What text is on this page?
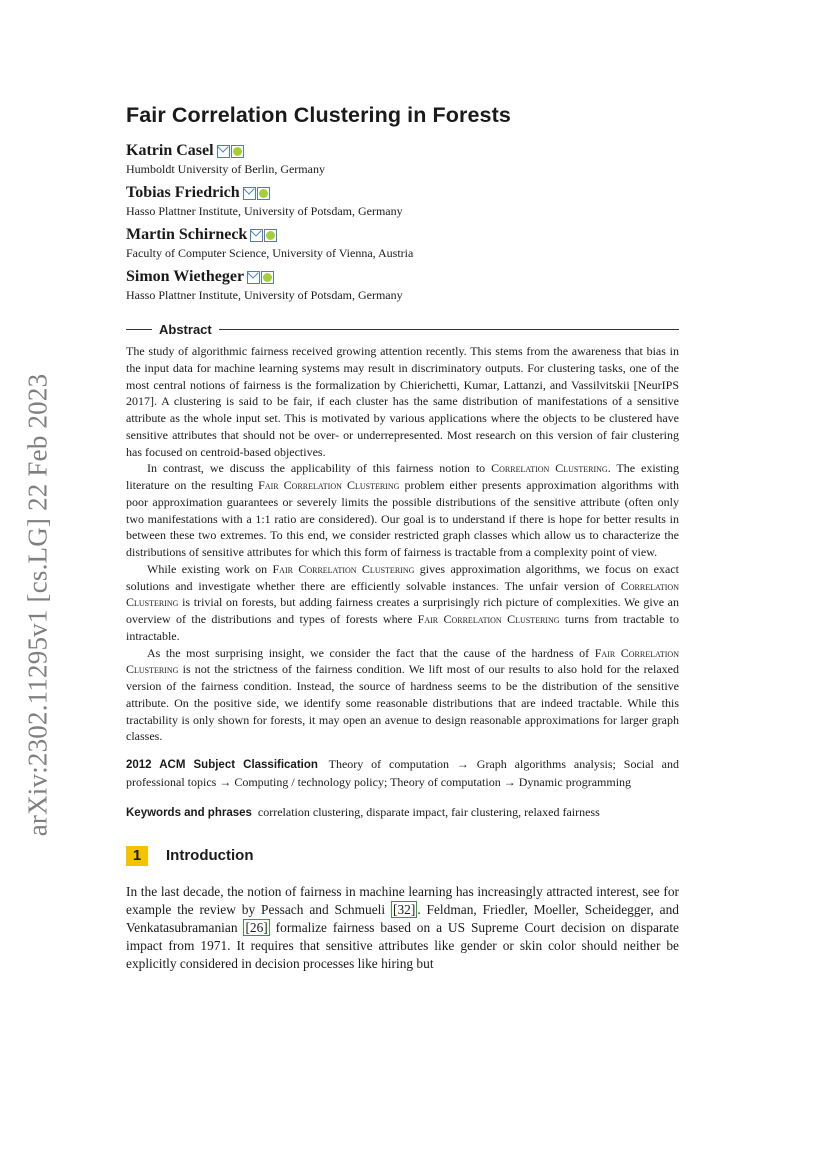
arXiv:2302.11295v1 [cs.LG] 22 Feb 2023
Fair Correlation Clustering in Forests
Katrin Casel
Humboldt University of Berlin, Germany
Tobias Friedrich
Hasso Plattner Institute, University of Potsdam, Germany
Martin Schirneck
Faculty of Computer Science, University of Vienna, Austria
Simon Wietheger
Hasso Plattner Institute, University of Potsdam, Germany
Abstract

The study of algorithmic fairness received growing attention recently. This stems from the awareness that bias in the input data for machine learning systems may result in discriminatory outputs. For clustering tasks, one of the most central notions of fairness is the formalization by Chierichetti, Kumar, Lattanzi, and Vassilvitskii [NeurIPS 2017]. A clustering is said to be fair, if each cluster has the same distribution of manifestations of a sensitive attribute as the whole input set. This is motivated by various applications where the objects to be clustered have sensitive attributes that should not be over- or underrepresented. Most research on this version of fair clustering has focused on centroid-based objectives.

In contrast, we discuss the applicability of this fairness notion to Correlation Clustering. The existing literature on the resulting Fair Correlation Clustering problem either presents approximation algorithms with poor approximation guarantees or severely limits the possible distributions of the sensitive attribute (often only two manifestations with a 1:1 ratio are considered). Our goal is to understand if there is hope for better results in between these two extremes. To this end, we consider restricted graph classes which allow us to characterize the distributions of sensitive attributes for which this form of fairness is tractable from a complexity point of view.

While existing work on Fair Correlation Clustering gives approximation algorithms, we focus on exact solutions and investigate whether there are efficiently solvable instances. The unfair version of Correlation Clustering is trivial on forests, but adding fairness creates a surprisingly rich picture of complexities. We give an overview of the distributions and types of forests where Fair Correlation Clustering turns from tractable to intractable.

As the most surprising insight, we consider the fact that the cause of the hardness of Fair Correlation Clustering is not the strictness of the fairness condition. We lift most of our results to also hold for the relaxed version of the fairness condition. Instead, the source of hardness seems to be the distribution of the sensitive attribute. On the positive side, we identify some reasonable distributions that are indeed tractable. While this tractability is only shown for forests, it may open an avenue to design reasonable approximations for larger graph classes.

2012 ACM Subject Classification Theory of computation → Graph algorithms analysis; Social and professional topics → Computing / technology policy; Theory of computation → Dynamic programming
Keywords and phrases correlation clustering, disparate impact, fair clustering, relaxed fairness
1	Introduction

In the last decade, the notion of fairness in machine learning has increasingly attracted interest, see for example the review by Pessach and Schmueli [32] . Feldman, Friedler, Moeller, Scheidegger, and Venkatasubramanian [26] formalize fairness based on a US Supreme Court decision on disparate impact from 1971. It requires that sensitive attributes like gender or skin color should neither be explicitly considered in decision processes like hiring but
